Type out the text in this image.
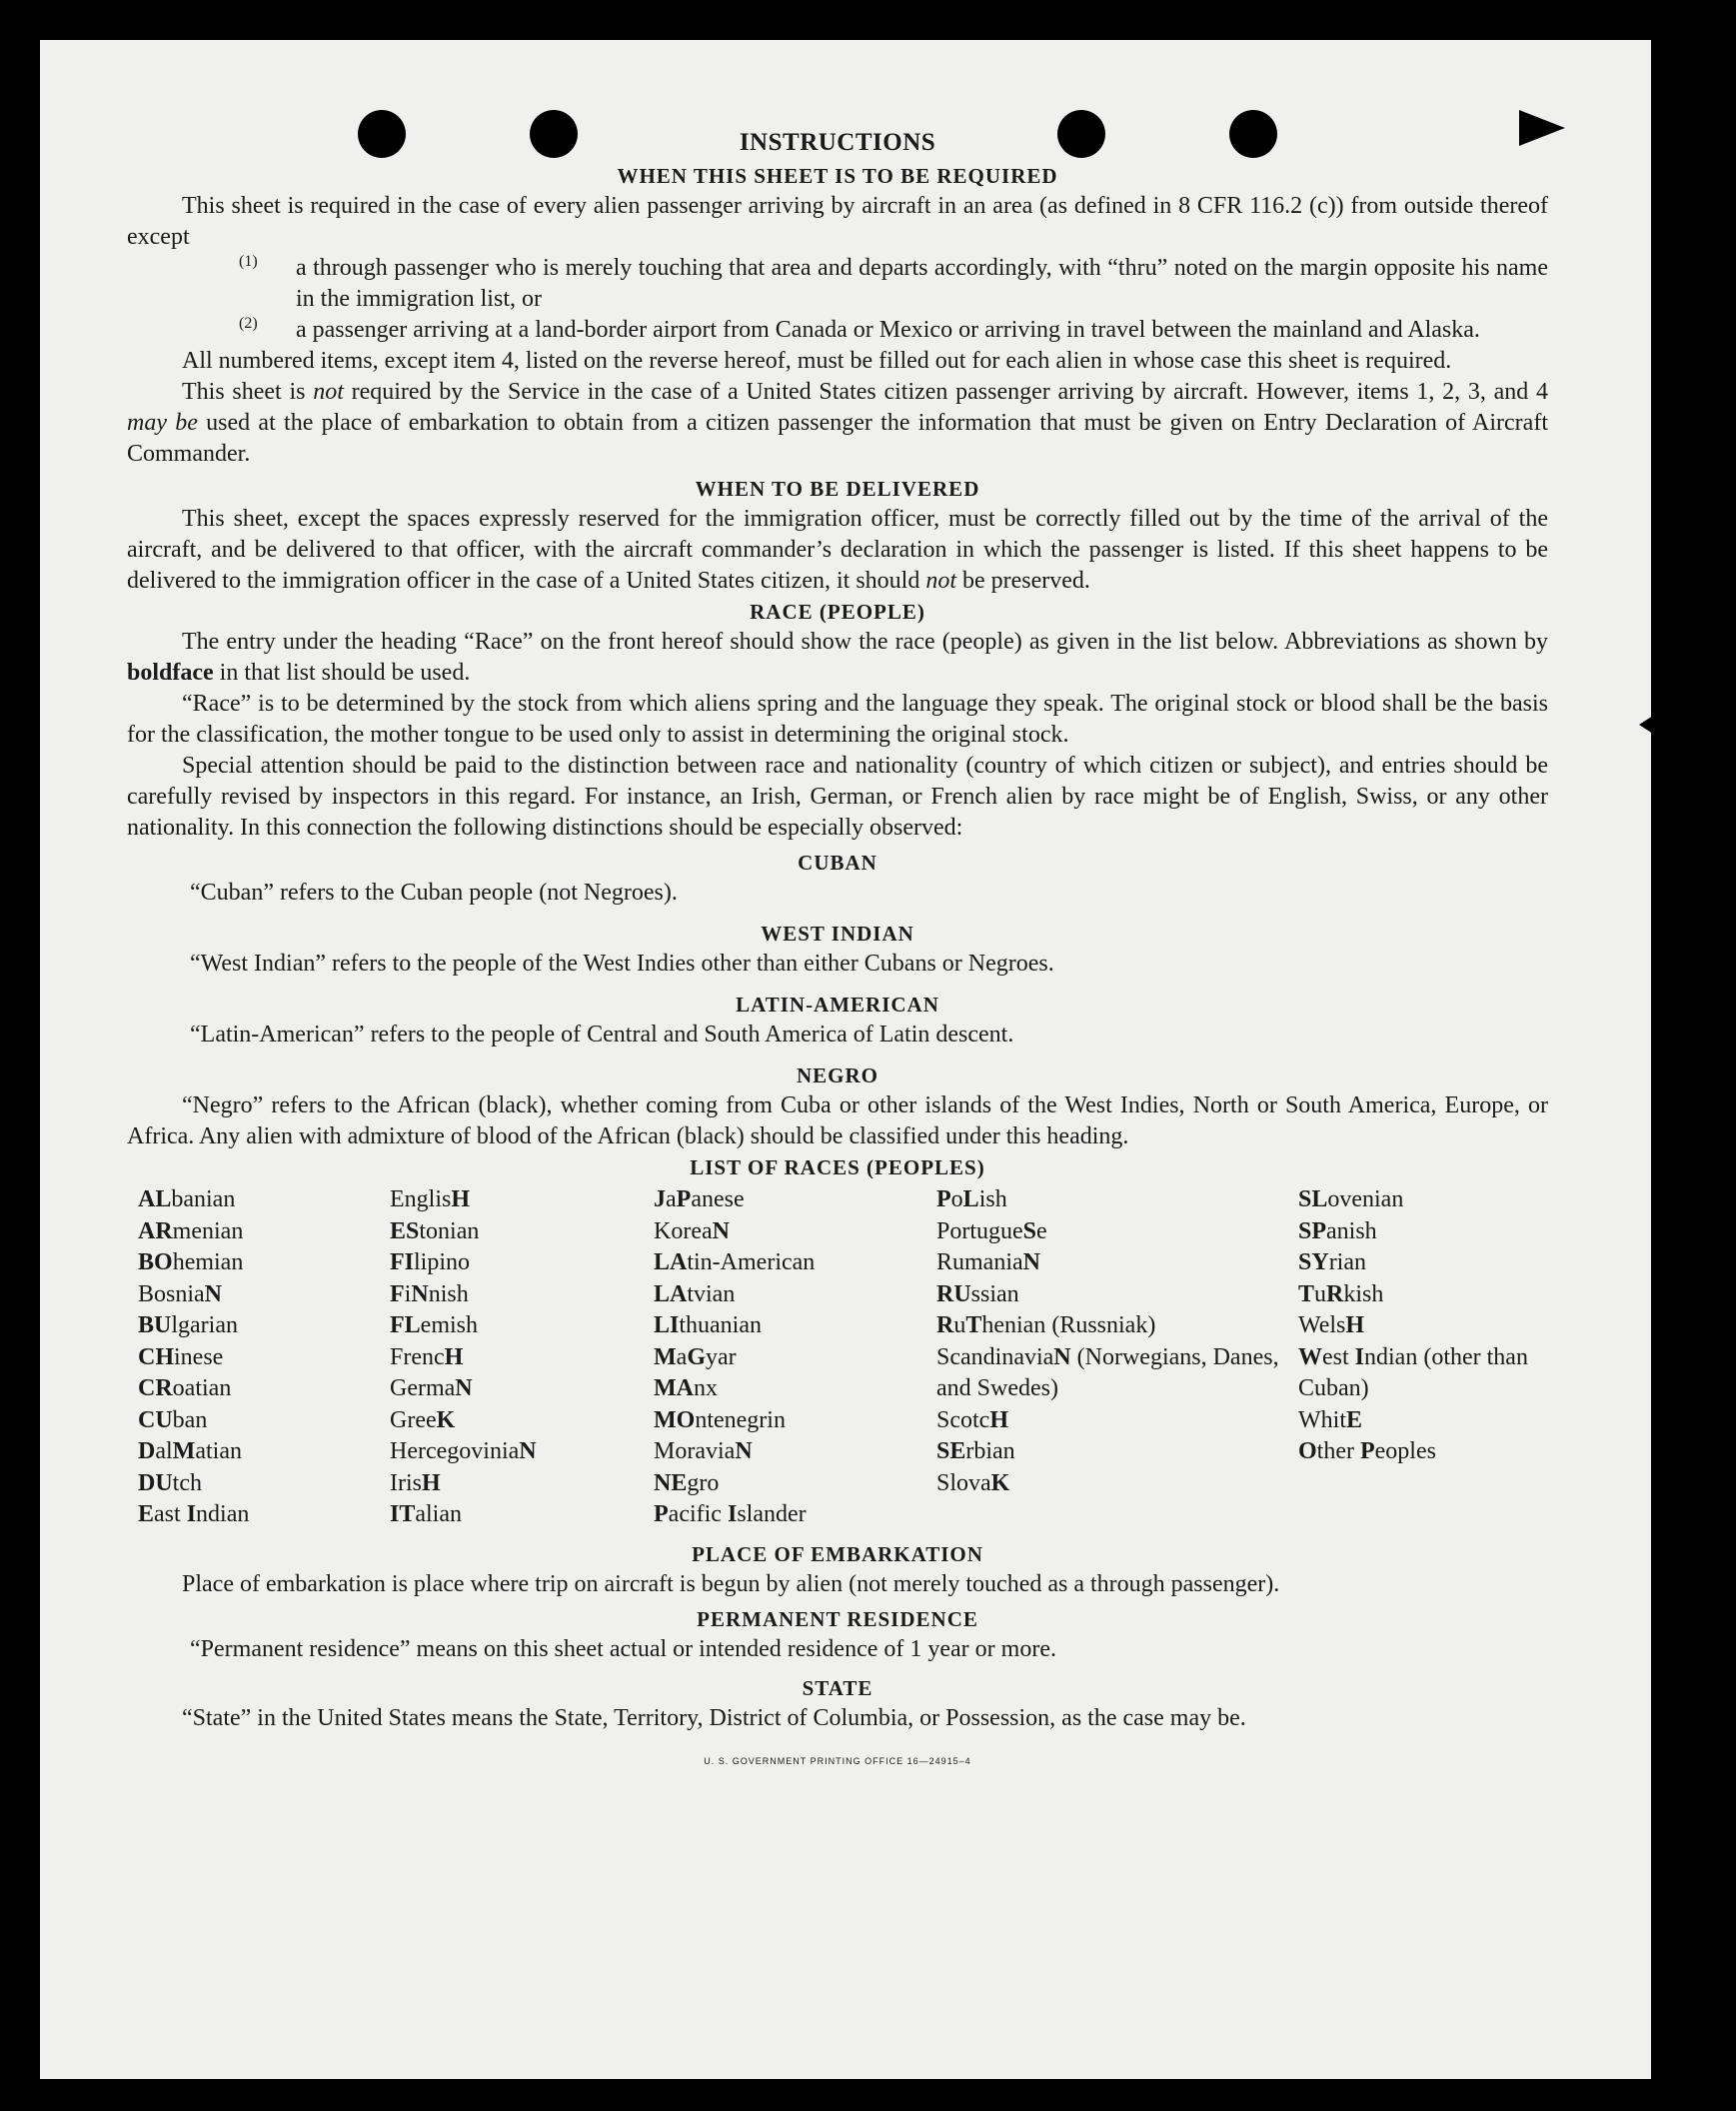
INSTRUCTIONS
WHEN THIS SHEET IS TO BE REQUIRED

This sheet is required in the case of every alien passenger arriving by aircraft in an area (as defined in 8 CFR 116.2 (c)) from outside thereof except

(1)	a through passenger who is merely touching that area and departs accordingly, with “thru” noted on the margin opposite his name in the immigration list, or

(2)	a passenger arriving at a land-border airport from Canada or Mexico or arriving in travel between the mainland and Alaska.

All numbered items, except item 4, listed on the reverse hereof, must be filled out for each alien in whose case this sheet is required.

This sheet is not required by the Service in the case of a United States citizen passenger arriving by aircraft. However, items 1, 2, 3, and 4 may be used at the place of embarkation to obtain from a citizen passenger the information that must be given on Entry Declaration of Aircraft Commander.

WHEN TO BE DELIVERED

This sheet, except the spaces expressly reserved for the immigration officer, must be correctly filled out by the time of the arrival of the aircraft, and be delivered to that officer, with the aircraft commander’s declaration in which the passenger is listed. If this sheet happens to be delivered to the immigration officer in the case of a United States citizen, it should not be preserved.

RACE (PEOPLE)

The entry under the heading “Race” on the front hereof should show the race (people) as given in the list below. Abbreviations as shown by boldface in that list should be used.

“Race” is to be determined by the stock from which aliens spring and the language they speak. The original stock or blood shall be the basis for the classification, the mother tongue to be used only to assist in determining the original stock.

Special attention should be paid to the distinction between race and nationality (country of which citizen or subject), and entries should be carefully revised by inspectors in this regard. For instance, an Irish, German, or French alien by race might be of English, Swiss, or any other nationality. In this connection the following distinctions should be especially observed:

CUBAN

“Cuban” refers to the Cuban people (not Negroes).

WEST INDIAN

“West Indian” refers to the people of the West Indies other than either Cubans or Negroes.

LATIN-AMERICAN

“Latin-American” refers to the people of Central and South America of Latin descent.

NEGRO

“Negro” refers to the African (black), whether coming from Cuba or other islands of the West Indies, North or South America, Europe, or Africa. Any alien with admixture of blood of the African (black) should be classified under this heading.

LIST OF RACES (PEOPLES)
ALbanian
ARmenian
BOhemian
BosniaN
BUlgarian
CHinese
CRoatian
CUban
DalMatian
DUtch
East Indian
EnglisH
EStonian
FIlipino
FiNnish
FLemish
FrencH
GermaN
GreeK
HercegoviniaN
IrisH
ITalian
JaPanese
KoreaN
LAtin-American
LAtvian
LIthuanian
MaGyar
MAnx
MOntenegrin
MoraviaN
NEgro
Pacific Islander
PoLish
PortugueSe
RumaniaN
RUssian
RuThenian (Russniak)
ScandinaviaN (Norwegians, Danes, and Swedes)
ScotcH
SErbian
SlovaK
SLovenian
SPanish
SYrian
TuRkish
WelsH
West Indian (other than Cuban)
WhitE
Other Peoples
PLACE OF EMBARKATION

Place of embarkation is place where trip on aircraft is begun by alien (not merely touched as a through passenger).

PERMANENT RESIDENCE

“Permanent residence” means on this sheet actual or intended residence of 1 year or more.

STATE

“State” in the United States means the State, Territory, District of Columbia, or Possession, as the case may be.

U. S. GOVERNMENT PRINTING OFFICE 16—24915–4
